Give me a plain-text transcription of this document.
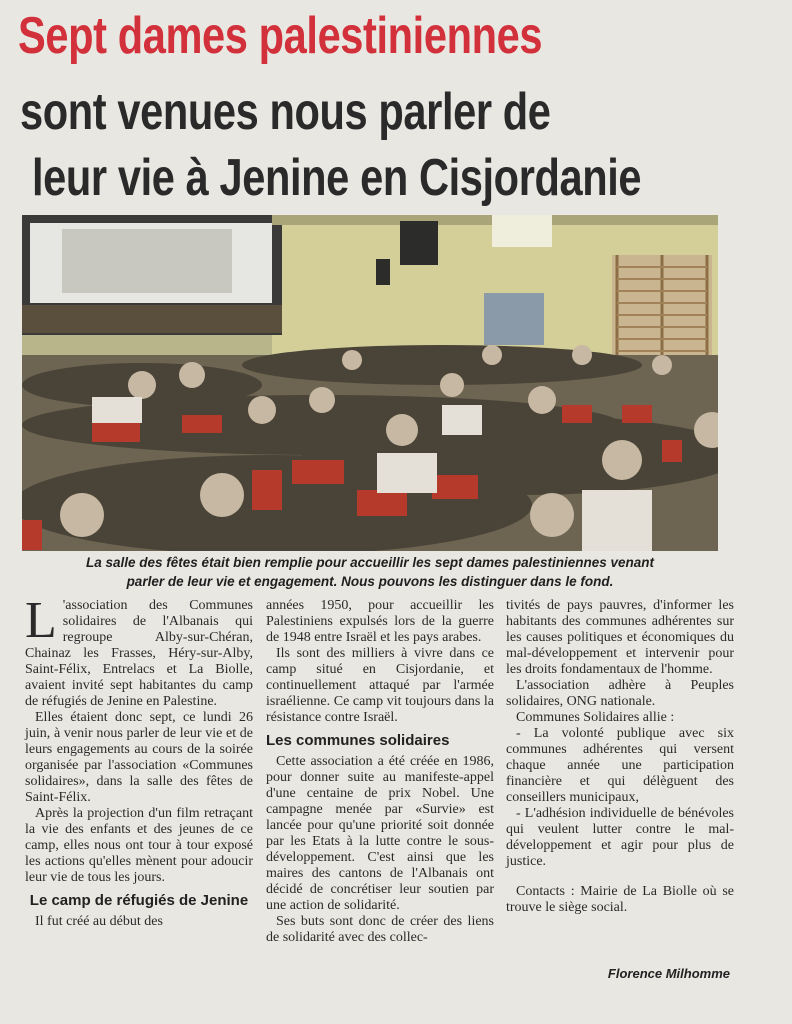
Sept dames palestiniennes
sont venues nous parler de
leur vie à Jenine en Cisjordanie
La salle des fêtes était bien remplie pour accueillir les sept dames palestiniennes venant
parler de leur vie et engagement. Nous pouvons les distinguer dans le fond.

L 'association des Communes solidaires de l'Albanais qui regroupe Alby-sur-Chéran, Chainaz les Frasses, Héry-sur-Alby, Saint-Félix, Entrelacs et La Biolle, avaient invité sept habitantes du camp de réfugiés de Jenine en Palestine.

Elles étaient donc sept, ce lundi 26 juin, à venir nous parler de leur vie et de leurs engagements au cours de la soirée organisée par l'association «Communes solidaires», dans la salle des fêtes de Saint-Félix.

Après la projection d'un film retraçant la vie des enfants et des jeunes de ce camp, elles nous ont tour à tour exposé les actions qu'elles mènent pour adoucir leur vie de tous les jours.

Le camp de réfugiés de Jenine

Il fut créé au début des

années 1950, pour accueillir les Palestiniens expulsés lors de la guerre de 1948 entre Israël et les pays arabes.

Ils sont des milliers à vivre dans ce camp situé en Cisjordanie, et continuellement attaqué par l'armée israélienne. Ce camp vit toujours dans la résistance contre Israël.

Les communes solidaires

Cette association a été créée en 1986, pour donner suite au manifeste-appel d'une centaine de prix Nobel. Une campagne menée par «Survie» est lancée pour qu'une priorité soit donnée par les Etats à la lutte contre le sous-développement. C'est ainsi que les maires des cantons de l'Albanais ont décidé de concrétiser leur soutien par une action de solidarité.

Ses buts sont donc de créer des liens de solidarité avec des collec-

tivités de pays pauvres, d'informer les habitants des communes adhérentes sur les causes politiques et économiques du mal-développement et intervenir pour les droits fondamentaux de l'homme.

L'association adhère à Peuples solidaires, ONG nationale.

Communes Solidaires allie :

- La volonté publique avec six communes adhérentes qui versent chaque année une participation financière et qui délèguent des conseillers municipaux,

- L'adhésion individuelle de bénévoles qui veulent lutter contre le mal-développement et agir pour plus de justice.

Contacts : Mairie de La Biolle où se trouve le siège social.

Florence Milhomme
